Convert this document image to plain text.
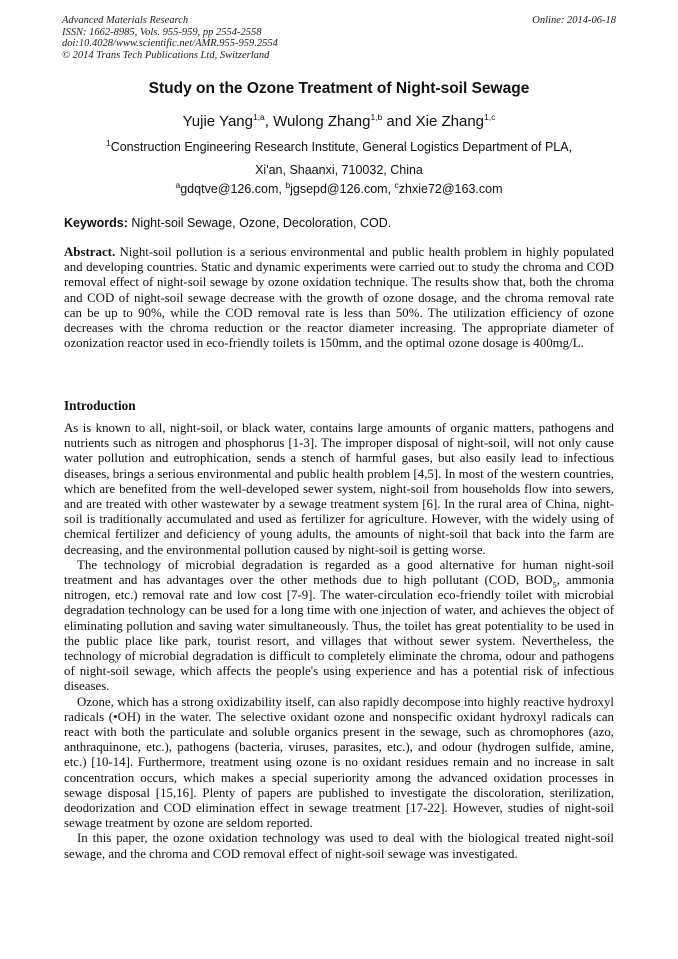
Advanced Materials Research
ISSN: 1662-8985, Vols. 955-959, pp 2554-2558
doi:10.4028/www.scientific.net/AMR.955-959.2554
© 2014 Trans Tech Publications Ltd, Switzerland
Online: 2014-06-18
Study on the Ozone Treatment of Night-soil Sewage
Yujie Yang$^{1,a}$, Wulong Zhang$^{1,b}$ and Xie Zhang$^{1,c}$
$^1$Construction Engineering Research Institute, General Logistics Department of PLA,
Xi'an, Shaanxi, 710032, China
$^a$gdqtve@126.com, $^b$jgsepd@126.com, $^c$zhxie72@163.com
Keywords: Night-soil Sewage, Ozone, Decoloration, COD.

Abstract. Night-soil pollution is a serious environmental and public health problem in highly populated and developing countries. Static and dynamic experiments were carried out to study the chroma and COD removal effect of night-soil sewage by ozone oxidation technique. The results show that, both the chroma and COD of night-soil sewage decrease with the growth of ozone dosage, and the chroma removal rate can be up to 90%, while the COD removal rate is less than 50%. The utilization efficiency of ozone decreases with the chroma reduction or the reactor diameter increasing. The appropriate diameter of ozonization reactor used in eco-friendly toilets is 150mm, and the optimal ozone dosage is 400mg/L.

Introduction

As is known to all, night-soil, or black water, contains large amounts of organic matters, pathogens and nutrients such as nitrogen and phosphorus [1-3]. The improper disposal of night-soil, will not only cause water pollution and eutrophication, sends a stench of harmful gases, but also easily lead to infectious diseases, brings a serious environmental and public health problem [4,5]. In most of the western countries, which are benefited from the well-developed sewer system, night-soil from households flow into sewers, and are treated with other wastewater by a sewage treatment system [6]. In the rural area of China, night-soil is traditionally accumulated and used as fertilizer for agriculture. However, with the widely using of chemical fertilizer and deficiency of young adults, the amounts of night-soil that back into the farm are decreasing, and the environmental pollution caused by night-soil is getting worse.

The technology of microbial degradation is regarded as a good alternative for human night-soil treatment and has advantages over the other methods due to high pollutant (COD, $BOD_5$, ammonia nitrogen, etc.) removal rate and low cost [7-9]. The water-circulation eco-friendly toilet with microbial degradation technology can be used for a long time with one injection of water, and achieves the object of eliminating pollution and saving water simultaneously. Thus, the toilet has great potentiality to be used in the public place like park, tourist resort, and villages that without sewer system. Nevertheless, the technology of microbial degradation is difficult to completely eliminate the chroma, odour and pathogens of night-soil sewage, which affects the people's using experience and has a potential risk of infectious diseases.

Ozone, which has a strong oxidizability itself, can also rapidly decompose into highly reactive hydroxyl radicals (•OH) in the water. The selective oxidant ozone and nonspecific oxidant hydroxyl radicals can react with both the particulate and soluble organics present in the sewage, such as chromophores (azo, anthraquinone, etc.), pathogens (bacteria, viruses, parasites, etc.), and odour (hydrogen sulfide, amine, etc.) [10-14]. Furthermore, treatment using ozone is no oxidant residues remain and no increase in salt concentration occurs, which makes a special superiority among the advanced oxidation processes in sewage disposal [15,16]. Plenty of papers are published to investigate the discoloration, sterilization, deodorization and COD elimination effect in sewage treatment [17-22]. However, studies of night-soil sewage treatment by ozone are seldom reported.

In this paper, the ozone oxidation technology was used to deal with the biological treated night-soil sewage, and the chroma and COD removal effect of night-soil sewage was investigated.
